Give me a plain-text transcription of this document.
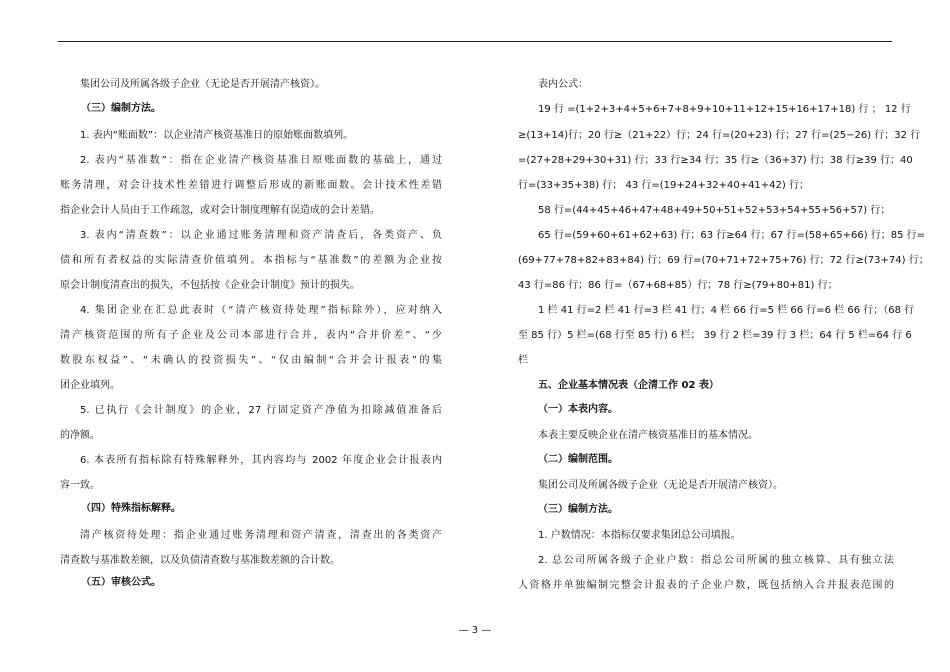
集团公司及所属各级子企业（无论是否开展清产核资）。
（三）编制方法。
1. 表内“账面数”：以企业清产核资基准日的原始账面数填列。
2. 表内“基准数”：指在企业清产核资基准日原账面数的基础上，通过
账务清理，对会计技术性差错进行调整后形成的新账面数。会计技术性差错
指企业会计人员由于工作疏忽，或对会计制度理解有误造成的会计差错。
3. 表内“清查数”：以企业通过账务清理和资产清查后，各类资产、负
债和所有者权益的实际清查价值填列。本指标与“基准数”的差额为企业按
原会计制度清查出的损失，不包括按《企业会计制度》预计的损失。
4. 集团企业在汇总此表时（“清产核资待处理”指标除外），应对纳入
清产核资范围的所有子企业及公司本部进行合并，表内“合并价差”、“少
数股东权益”、“未确认的投资损失”、“仅由编制“合并会计报表”的集
团企业填列。
5. 已执行《会计制度》的企业，27 行固定资产净值为扣除减值准备后
的净额。
6. 本表所有指标除有特殊解释外，其内容均与 2002 年度企业会计报表内
容一致。
（四）特殊指标解释。
清产核资待处理：指企业通过账务清理和资产清查，清查出的各类资产
清查数与基准数差额，以及负债清查数与基准数差额的合计数。
（五）审核公式。
表内公式：
19 行 =(1+2+3+4+5+6+7+8+9+10+11+12+15+16+17+18) 行 ； 12 行
≥(13+14)行；20 行≥（21+22）行；24 行=(20+23) 行；27 行=(25−26) 行；32 行
=(27+28+29+30+31) 行；33 行≥34 行；35 行≥（36+37) 行；38 行≥39 行；40
行=(33+35+38) 行； 43 行=(19+24+32+40+41+42) 行；
58 行=(44+45+46+47+48+49+50+51+52+53+54+55+56+57) 行；
65 行=(59+60+61+62+63) 行；63 行≥64 行；67 行=(58+65+66) 行；85 行=
(69+77+78+82+83+84) 行；69 行=(70+71+72+75+76) 行；72 行≥(73+74) 行；
43 行=86 行；86 行=（67+68+85）行；78 行≥(79+80+81) 行；
1 栏 41 行=2 栏 41 行=3 栏 41 行；4 栏 66 行=5 栏 66 行=6 栏 66 行；（68 行
至 85 行）5 栏=(68 行至 85 行) 6 栏； 39 行 2 栏=39 行 3 栏；64 行 5 栏=64 行 6
栏
五、企业基本情况表（企清工作 02 表）
（一）本表内容。
本表主要反映企业在清产核资基准日的基本情况。
（二）编制范围。
集团公司及所属各级子企业（无论是否开展清产核资）。
（三）编制方法。
1. 户数情况：本指标仅要求集团总公司填报。
2. 总公司所属各级子企业户数：指总公司所属的独立核算、具有独立法
人资格并单独编制完整会计报表的子企业户数，既包括纳入合并报表范围的
— 3 —
